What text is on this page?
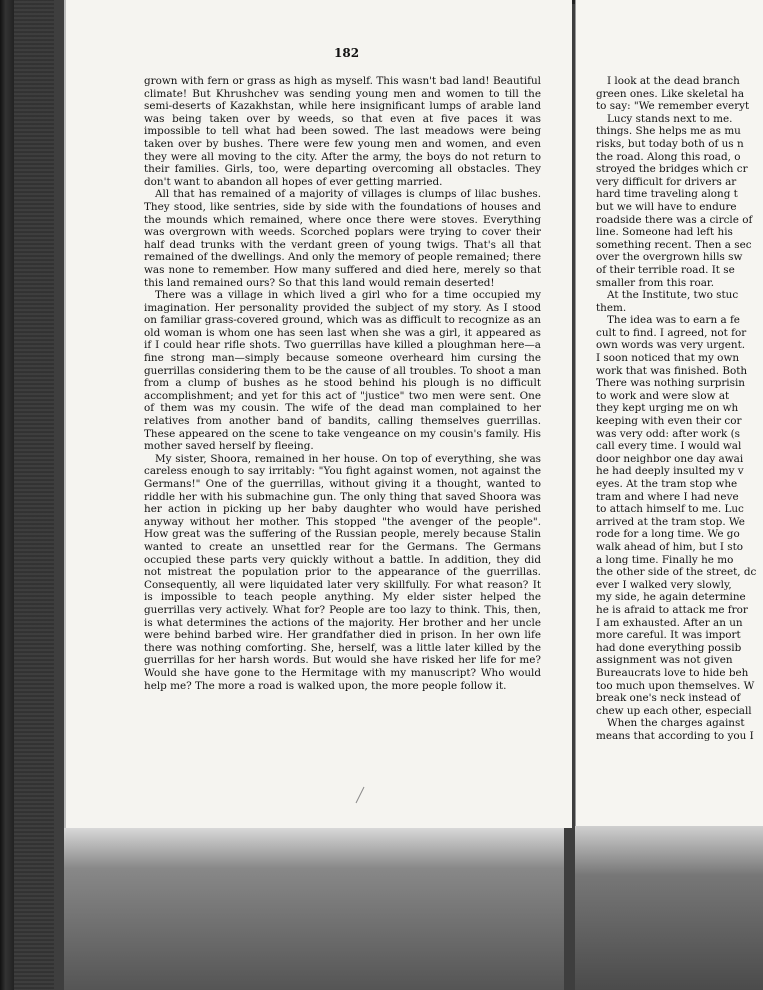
182

grown with fern or grass as high as myself. This wasn't bad land! Beautiful climate! But Khrushchev was sending young men and women to till the semi-deserts of Kazakhstan, while here insignificant lumps of arable land was being taken over by weeds, so that even at five paces it was impossible to tell what had been sowed. The last meadows were being taken over by bushes. There were few young men and women, and even they were all moving to the city. After the army, the boys do not return to their families. Girls, too, were departing overcoming all obstacles. They don't want to abandon all hopes of ever getting married.

All that has remained of a majority of villages is clumps of lilac bushes. They stood, like sentries, side by side with the foundations of houses and the mounds which remained, where once there were stoves. Everything was overgrown with weeds. Scorched poplars were trying to cover their half dead trunks with the verdant green of young twigs. That's all that remained of the dwellings. And only the memory of people remained; there was none to remember. How many suffered and died here, merely so that this land remained ours? So that this land would remain deserted!

There was a village in which lived a girl who for a time occupied my imagination. Her personality provided the subject of my story. As I stood on familiar grass-covered ground, which was as difficult to recognize as an old woman is whom one has seen last when she was a girl, it appeared as if I could hear rifle shots. Two guerrillas have killed a ploughman here—a fine strong man—simply because someone overheard him cursing the guerrillas considering them to be the cause of all troubles. To shoot a man from a clump of bushes as he stood behind his plough is no difficult accomplishment; and yet for this act of "justice" two men were sent. One of them was my cousin. The wife of the dead man complained to her relatives from another band of bandits, calling themselves guerrillas. These appeared on the scene to take vengeance on my cousin's family. His mother saved herself by fleeing.

My sister, Shoora, remained in her house. On top of everything, she was careless enough to say irritably: "You fight against women, not against the Germans!" One of the guerrillas, without giving it a thought, wanted to riddle her with his submachine gun. The only thing that saved Shoora was her action in picking up her baby daughter who would have perished anyway without her mother. This stopped "the avenger of the people". How great was the suffering of the Russian people, merely because Stalin wanted to create an unsettled rear for the Germans. The Germans occupied these parts very quickly without a battle. In addition, they did not mistreat the population prior to the appearance of the guerrillas. Consequently, all were liquidated later very skillfully. For what reason? It is impossible to teach people anything. My elder sister helped the guerrillas very actively. What for? People are too lazy to think. This, then, is what determines the actions of the majority. Her brother and her uncle were behind barbed wire. Her grandfather died in prison. In her own life there was nothing comforting. She, herself, was a little later killed by the guerrillas for her harsh words. But would she have risked her life for me? Would she have gone to the Hermitage with my manuscript? Who would help me? The more a road is walked upon, the more people follow it.

I look at the dead branch
green ones. Like skeletal ha
to say: "We remember everyt
Lucy stands next to me.
things. She helps me as mu
risks, but today both of us n
the road. Along this road, o
stroyed the bridges which cr
very difficult for drivers ar
hard time traveling along t
but we will have to endure
roadside there was a circle of
line. Someone had left his
something recent. Then a sec
over the overgrown hills sw
of their terrible road. It se
smaller from this roar.
At the Institute, two stuc
them.
The idea was to earn a fe
cult to find. I agreed, not for
own words was very urgent.
I soon noticed that my own
work that was finished. Both
There was nothing surprisin
to work and were slow at
they kept urging me on wh
keeping with even their cor
was very odd: after work (s
call every time. I would wal
door neighbor one day awai
he had deeply insulted my v
eyes. At the tram stop whe
tram and where I had neve
to attach himself to me. Luc
arrived at the tram stop. We
rode for a long time. We go
walk ahead of him, but I sto
a long time. Finally he mo
the other side of the street, dc
ever I walked very slowly,
my side, he again determine
he is afraid to attack me fror
I am exhausted. After an un
more careful. It was import
had done everything possib
assignment was not given
Bureaucrats love to hide beh
too much upon themselves. W
break one's neck instead of
chew up each other, especiall
When the charges against
means that according to you I
